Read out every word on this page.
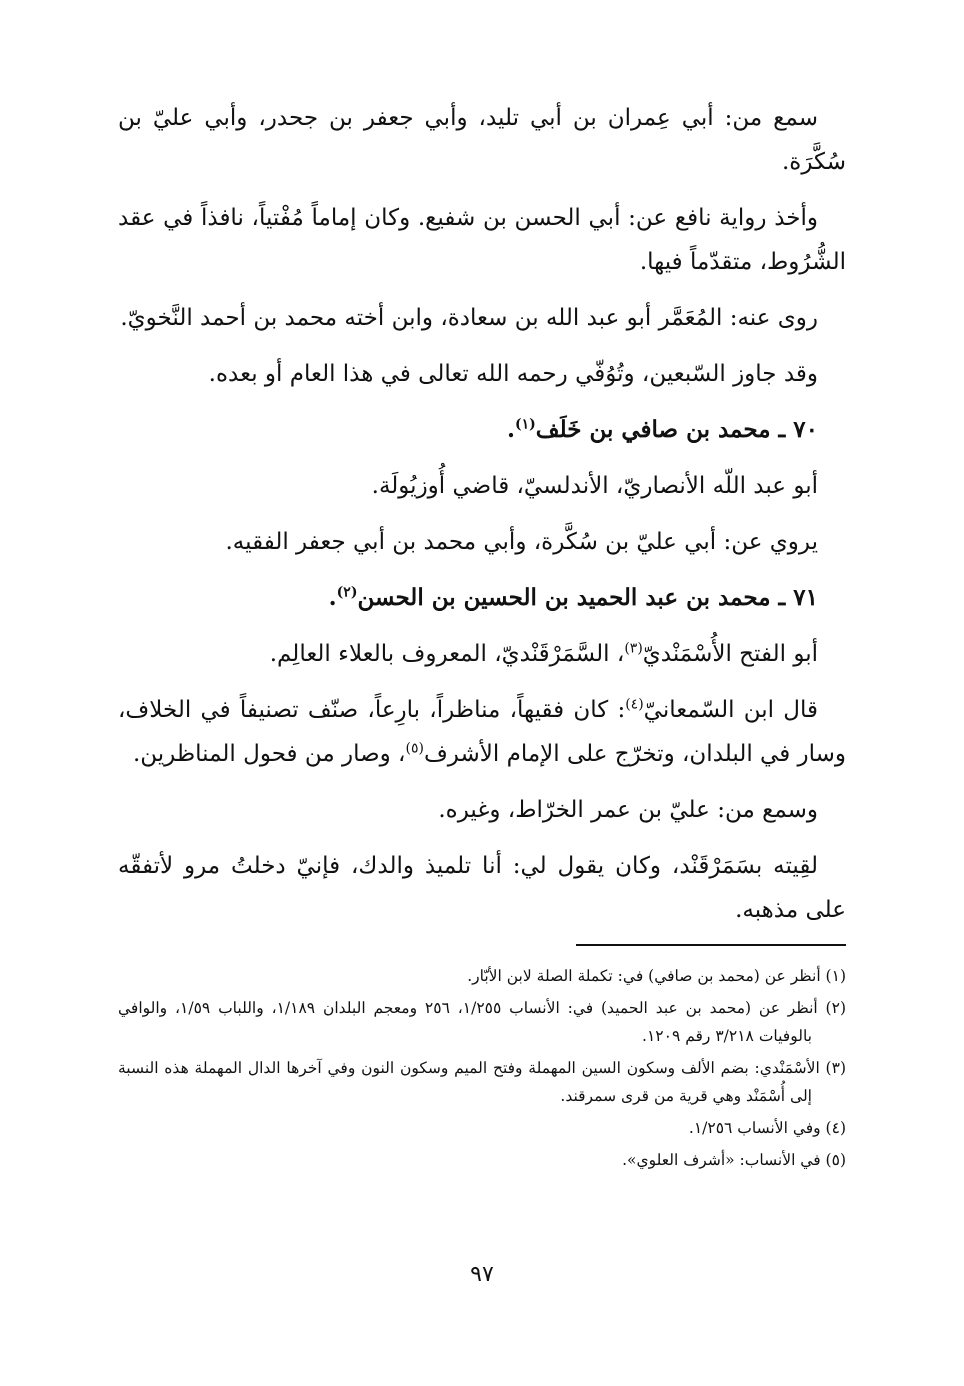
سمع من: أبي عِمران بن أبي تليد، وأبي جعفر بن جحدر، وأبي عليّ بن سُكَّرَة.

وأخذ رواية نافع عن: أبي الحسن بن شفيع. وكان إماماً مُفْتياً، نافذاً في عقد الشُّرُوط، متقدّماً فيها.

روى عنه: المُعَمَّر أبو عبد الله بن سعادة، وابن أخته محمد بن أحمد النَّخويّ.

وقد جاوز السّبعين، وتُوُفّي رحمه الله تعالى في هذا العام أو بعده.

٧٠ ـ محمد بن صافي بن خَلَف$^{(١)}$.

أبو عبد اللّه الأنصاريّ، الأندلسيّ، قاضي أُوزيُولَة.

يروي عن: أبي عليّ بن سُكَّرة، وأبي محمد بن أبي جعفر الفقيه.

٧١ ـ محمد بن عبد الحميد بن الحسين بن الحسن$^{(٢)}$.

أبو الفتح الأُسْمَنْديّ$^{(٣)}$، السَّمَرْقَنْديّ، المعروف بالعلاء العالِم.

قال ابن السّمعانيّ$^{(٤)}$: كان فقيهاً، مناظراً، بارِعاً، صنّف تصنيفاً في الخلاف، وسار في البلدان، وتخرّج على الإمام الأشرف$^{(٥)}$، وصار من فحول المناظرين.

وسمع من: عليّ بن عمر الخرّاط، وغيره.

لقِيته بسَمَرْقَنْد، وكان يقول لي: أنا تلميذ والدك، فإنيّ دخلتُ مرو لأتفقّه على مذهبه.

(١) أنظر عن (محمد بن صافي) في: تكملة الصلة لابن الأبّار.

(٢) أنظر عن (محمد بن عبد الحميد) في: الأنساب ١/٢٥٥، ٢٥٦ ومعجم البلدان ١/١٨٩، واللباب ١/٥٩، والوافي بالوفيات ٣/٢١٨ رقم ١٢٠٩.

(٣) الأسْمَنْدي: بضم الألف وسكون السين المهملة وفتح الميم وسكون النون وفي آخرها الدال المهملة هذه النسبة إلى أُسْمَنْد وهي قرية من قرى سمرقند.

(٤) وفي الأنساب ١/٢٥٦.

(٥) في الأنساب: «أشرف العلوي».

٩٧
